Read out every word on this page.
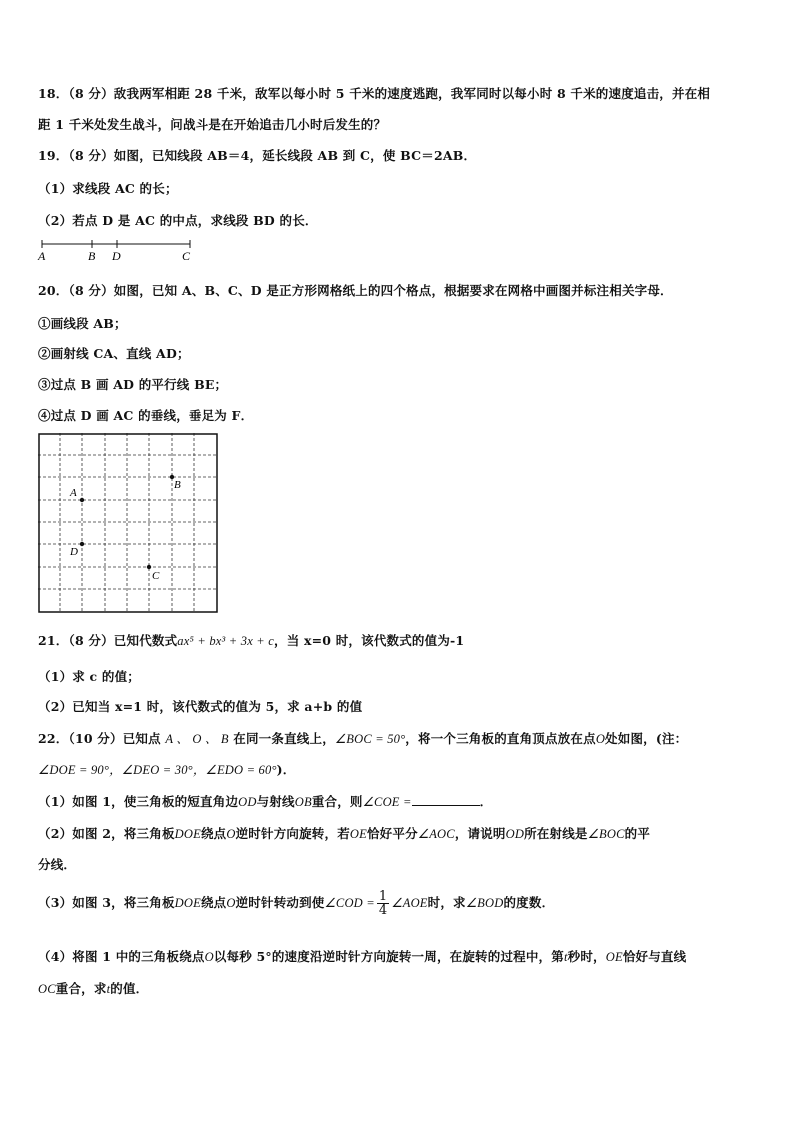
18．（8 分）敌我两军相距 28 千米，敌军以每小时 5 千米的速度逃跑，我军同时以每小时 8 千米的速度追击，并在相
距 1 千米处发生战斗，问战斗是在开始追击几小时后发生的？
19．（8 分）如图，已知线段 AB＝4，延长线段 AB 到 C，使 BC＝2AB．
（1）求线段 AC 的长；
（2）若点 D 是 AC 的中点，求线段 BD 的长．
A	B D	C
20．（8 分）如图，已知 A、B、C、D 是正方形网格纸上的四个格点，根据要求在网格中画图并标注相关字母．
①画线段 AB；
②画射线 CA、直线 AD；
③过点 B 画 AD 的平行线 BE；
④过点 D 画 AC 的垂线，垂足为 F．
A
B
D
C
21．（8 分）已知代数式ax⁵ + bx³ + 3x + c，当 x=0 时，该代数式的值为-1
（1）求 c 的值；
（2）已知当 x=1 时，该代数式的值为 5，求 a+b 的值
22．（10 分）已知点 A 、 O 、 B 在同一条直线上，∠BOC = 50°，将一个三角板的直角顶点放在点O处如图，(注：
∠DOE = 90°，∠DEO = 30°，∠EDO = 60°)．
（1）如图 1，使三角板的短直角边OD与射线OB重合，则∠COE =	．
（2）如图 2，将三角板DOE绕点O逆时针方向旋转，若OE恰好平分∠AOC，请说明OD所在射线是∠BOC的平
分线．
（3）如图 3，将三角板DOE绕点O逆时针转动到使∠COD = $\frac{1}{4}$ ∠AOE时，求∠BOD的度数．
（4）将图 1 中的三角板绕点O以每秒 5°的速度沿逆时针方向旋转一周，在旋转的过程中，第t秒时，OE恰好与直线
OC重合，求t的值．
